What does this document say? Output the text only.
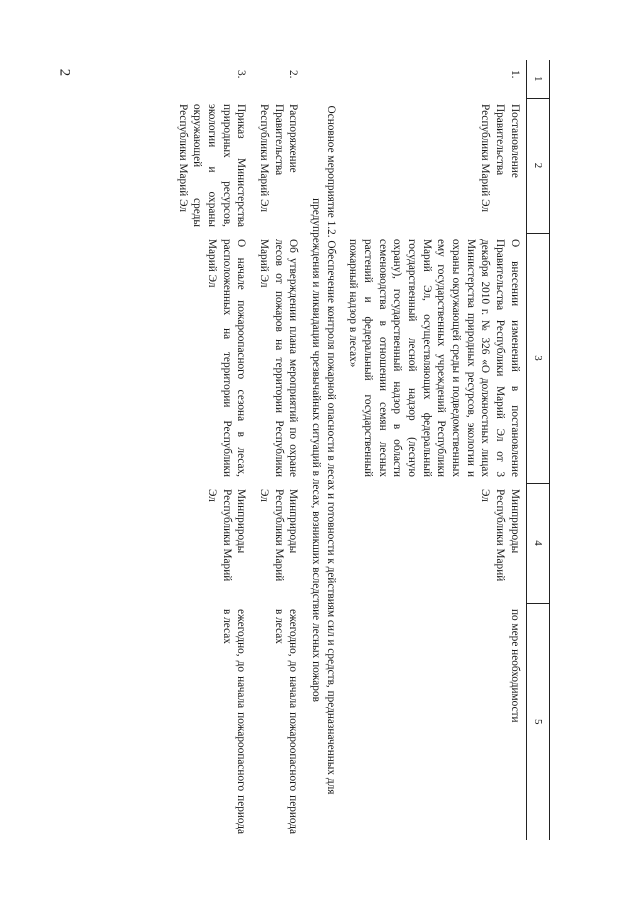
2
1	2	3	4	5
1.	Постановление Правительства Республики Марий Эл	О внесении изменений в постановление Правительства Республики Марий Эл от 3 декабря 2010 г. № 326 «О должностных лицах Министерства природных ресурсов, экологии и охраны окружающей среды и подведомственных ему государственных учреждений Республики Марий Эл, осуществляющих федеральный государственный лесной надзор (лесную охрану), государственный надзор в области семеноводства в отношении семян лесных растений и федеральный государственный пожарный надзор в лесах»	Минприроды Республики Марий Эл	по мере необходимости
Основное мероприятие 1.2. Обеспечение контроля пожарной опасности в лесах и готовности к действиям сил и средств, предназначенных для предупреждения и ликвидации чрезвычайных ситуаций в лесах, возникших вследствие лесных пожаров				
2.	Распоряжение Правительства Республики Марий Эл	Об утверждении плана мероприятий по охране лесов от пожаров на территории Республики Марий Эл	Минприроды Республики Марий Эл	ежегодно, до начала пожароопасного периода в лесах
3.	Приказ Министерства природных ресурсов, экологии и охраны окружающей среды Республики Марий Эл	О начале пожароопасного сезона в лесах, расположенных на территории Республики Марий Эл	Минприроды Республики Марий Эл	ежегодно, до начала пожароопасного периода в лесах
